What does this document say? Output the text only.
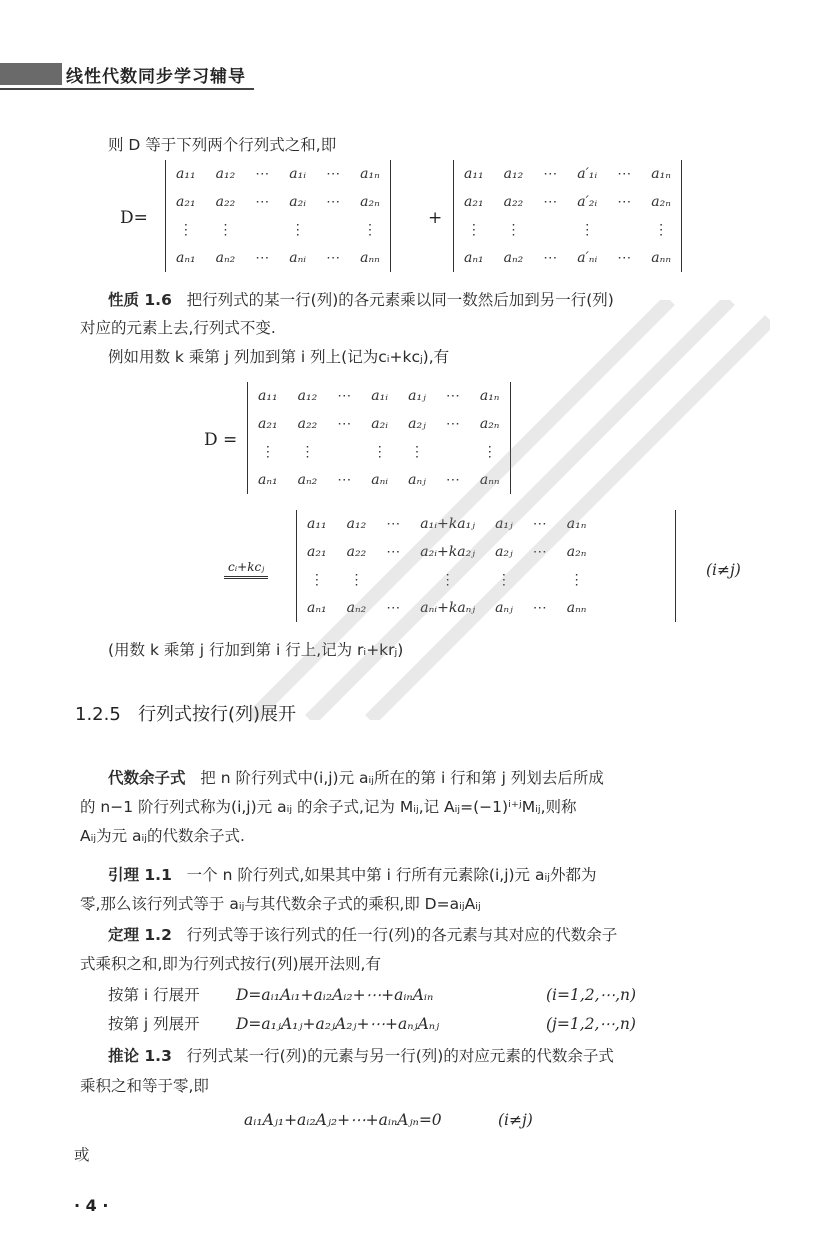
线性代数同步学习辅导
则 D 等于下列两个行列式之和,即
D=
a₁₁	a₁₂	⋯	a₁ᵢ	⋯	a₁ₙ
a₂₁	a₂₂	⋯	a₂ᵢ	⋯	a₂ₙ
⋮	⋮		⋮		⋮
aₙ₁	aₙ₂	⋯	aₙᵢ	⋯	aₙₙ
+
a₁₁	a₁₂	⋯	a′₁ᵢ	⋯	a₁ₙ
a₂₁	a₂₂	⋯	a′₂ᵢ	⋯	a₂ₙ
⋮	⋮		⋮		⋮
aₙ₁	aₙ₂	⋯	a′ₙᵢ	⋯	aₙₙ
性质 1.6 把行列式的某一行(列)的各元素乘以同一数然后加到另一行(列)
对应的元素上去,行列式不变.
例如用数 k 乘第 j 列加到第 i 列上(记为cᵢ+kcⱼ),有
D =
a₁₁	a₁₂	⋯	a₁ᵢ	a₁ⱼ	⋯	a₁ₙ
a₂₁	a₂₂	⋯	a₂ᵢ	a₂ⱼ	⋯	a₂ₙ
⋮	⋮		⋮	⋮		⋮
aₙ₁	aₙ₂	⋯	aₙᵢ	aₙⱼ	⋯	aₙₙ
cᵢ+kcⱼ
a₁₁	a₁₂	⋯	a₁ᵢ+ka₁ⱼ	a₁ⱼ	⋯	a₁ₙ
a₂₁	a₂₂	⋯	a₂ᵢ+ka₂ⱼ	a₂ⱼ	⋯	a₂ₙ
⋮	⋮		⋮	⋮		⋮
aₙ₁	aₙ₂	⋯	aₙᵢ+kaₙⱼ	aₙⱼ	⋯	aₙₙ
(i≠j)
(用数 k 乘第 j 行加到第 i 行上,记为 rᵢ+krⱼ)
1.2.5 行列式按行(列)展开
代数余子式 把 n 阶行列式中(i,j)元 aᵢⱼ所在的第 i 行和第 j 列划去后所成
的 n−1 阶行列式称为(i,j)元 aᵢⱼ 的余子式,记为 Mᵢⱼ,记 Aᵢⱼ=(−1)ⁱ⁺ʲMᵢⱼ,则称
Aᵢⱼ为元 aᵢⱼ的代数余子式.
引理 1.1 一个 n 阶行列式,如果其中第 i 行所有元素除(i,j)元 aᵢⱼ外都为
零,那么该行列式等于 aᵢⱼ与其代数余子式的乘积,即 D=aᵢⱼAᵢⱼ
定理 1.2 行列式等于该行列式的任一行(列)的各元素与其对应的代数余子
式乘积之和,即为行列式按行(列)展开法则,有
按第 i 行展开 D=aᵢ₁Aᵢ₁+aᵢ₂Aᵢ₂+⋯+aᵢₙAᵢₙ	(i=1,2,⋯,n)
按第 j 列展开 D=a₁ⱼA₁ⱼ+a₂ⱼA₂ⱼ+⋯+aₙⱼAₙⱼ	(j=1,2,⋯,n)
推论 1.3 行列式某一行(列)的元素与另一行(列)的对应元素的代数余子式
乘积之和等于零,即
aᵢ₁Aⱼ₁+aᵢ₂Aⱼ₂+⋯+aᵢₙAⱼₙ=0	(i≠j)
或
· 4 ·
